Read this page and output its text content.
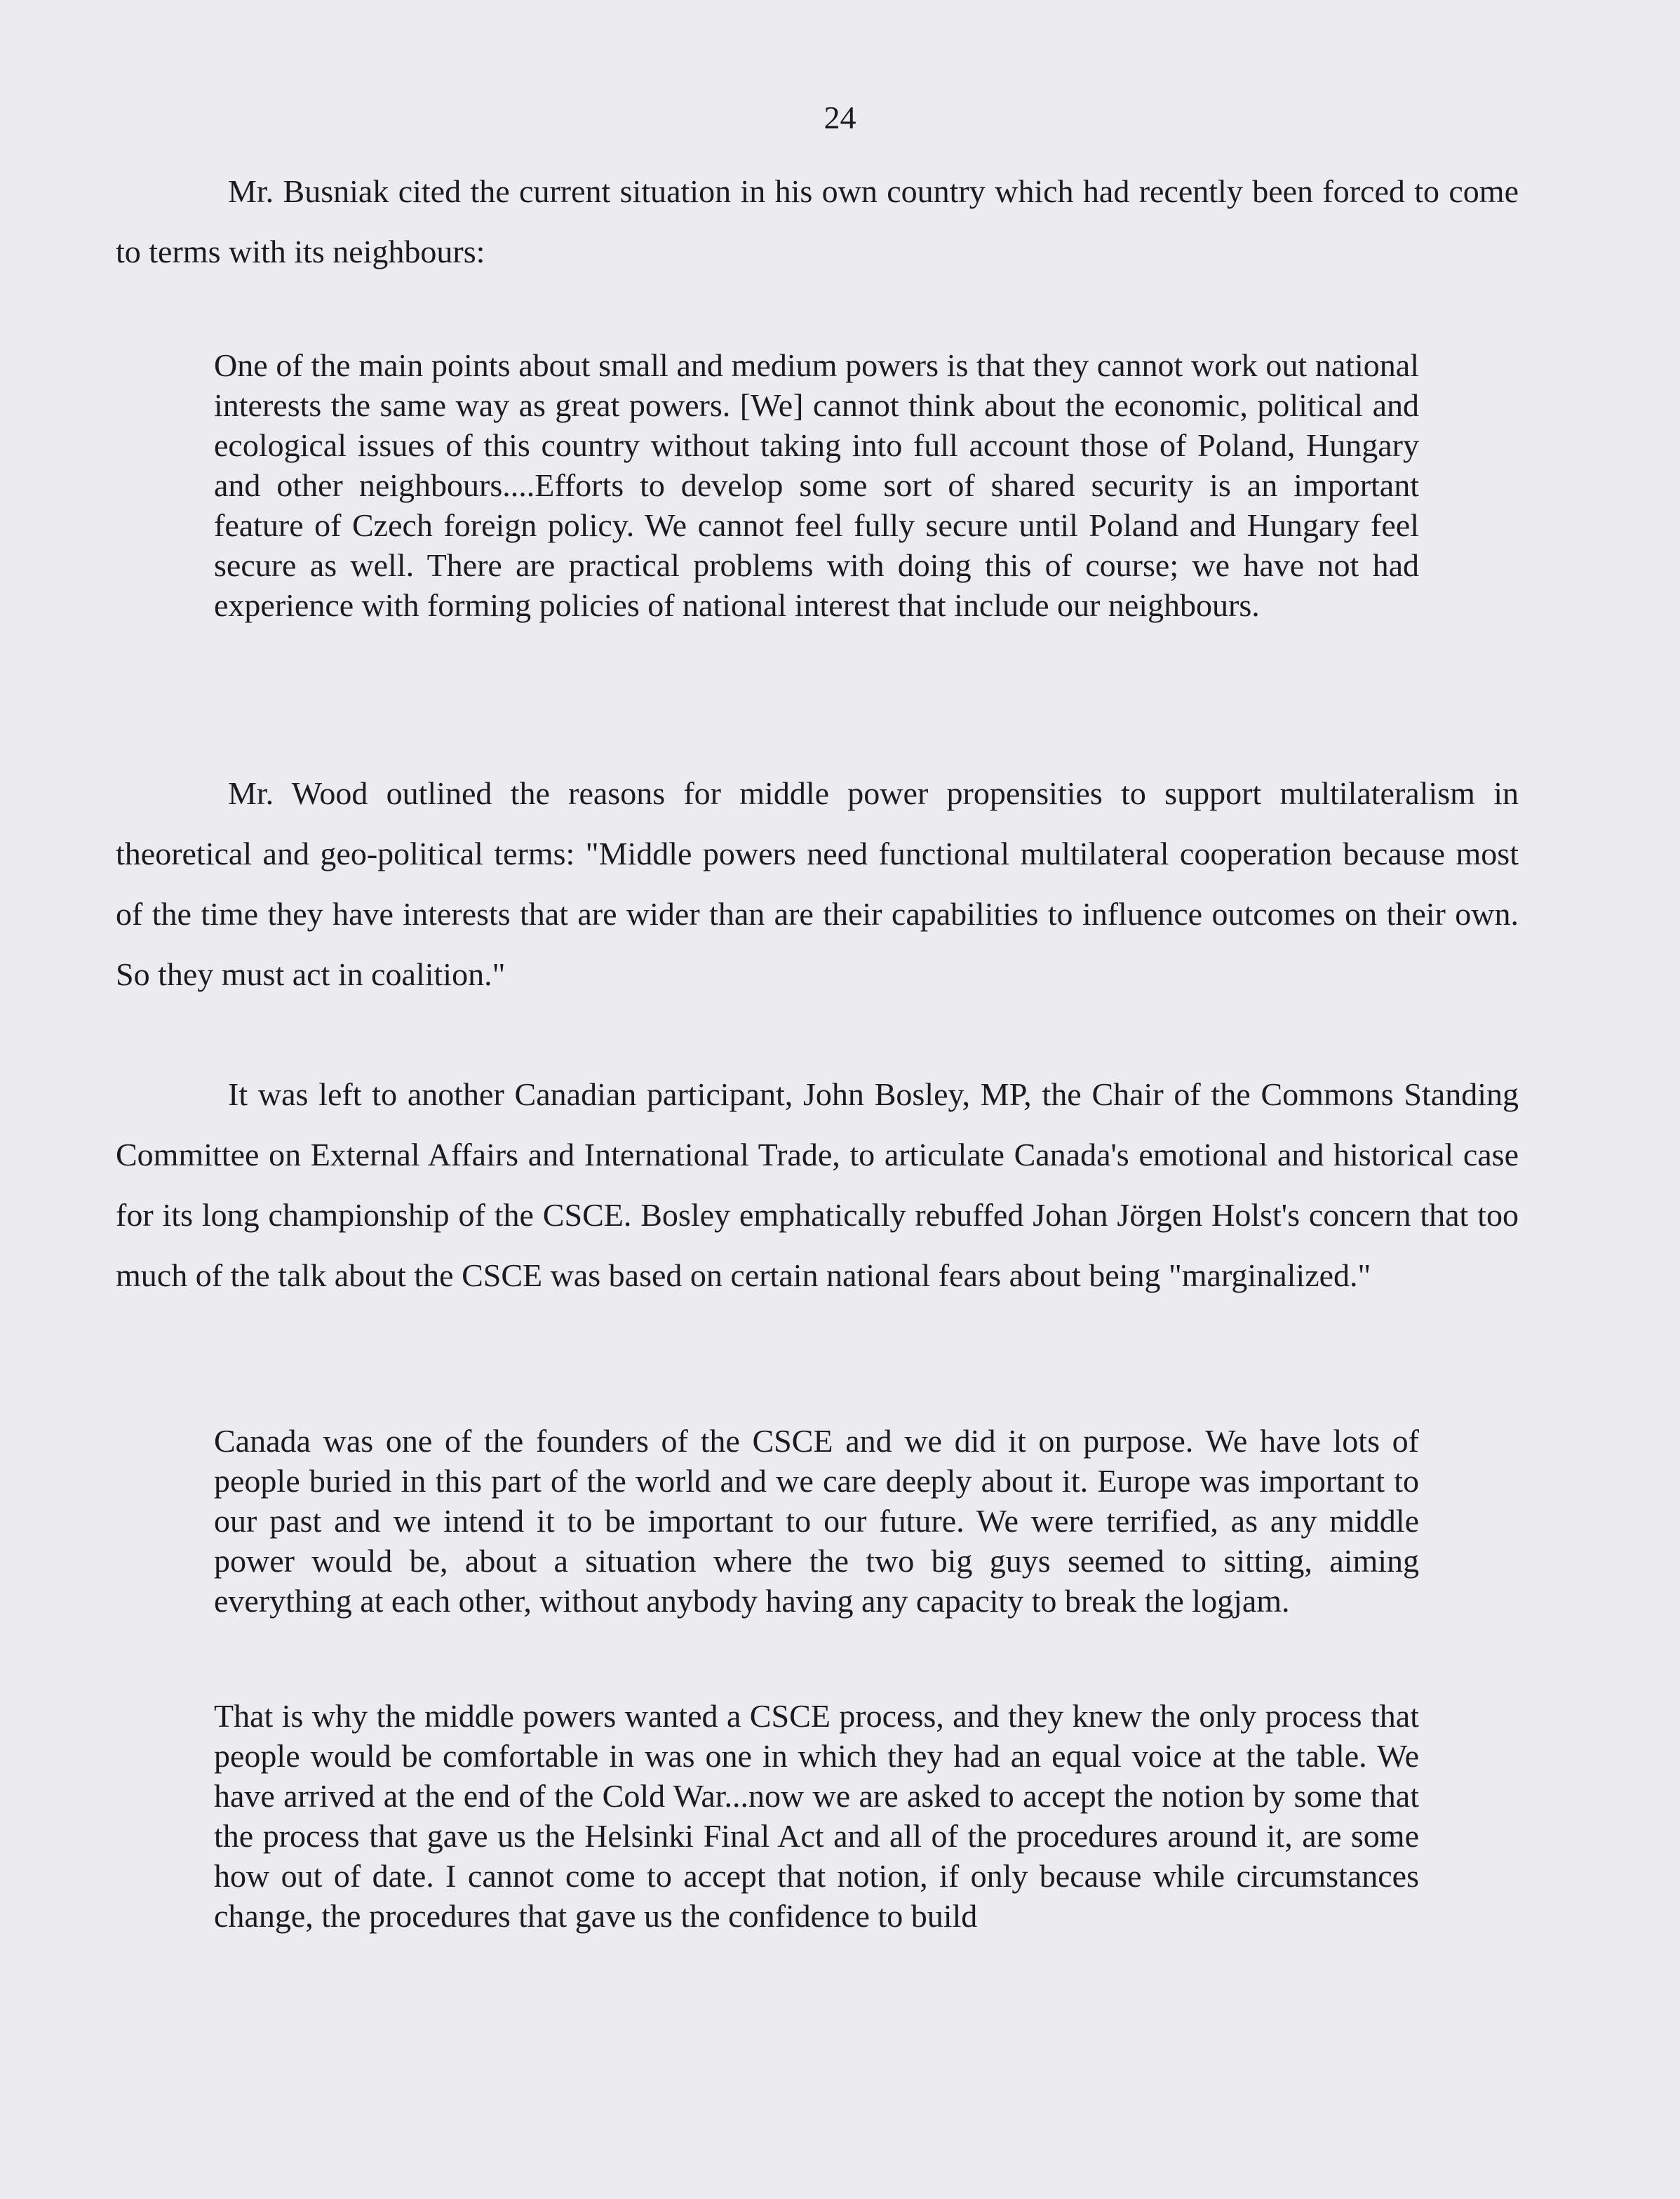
24

Mr. Busniak cited the current situation in his own country which had recently been forced to come to terms with its neighbours:

One of the main points about small and medium powers is that they cannot work out national interests the same way as great powers. [We] cannot think about the economic, political and ecological issues of this country without taking into full account those of Poland, Hungary and other neighbours....Efforts to develop some sort of shared security is an important feature of Czech foreign policy. We cannot feel fully secure until Poland and Hungary feel secure as well. There are practical problems with doing this of course; we have not had experience with forming policies of national interest that include our neighbours.

Mr. Wood outlined the reasons for middle power propensities to support multilateralism in theoretical and geo-political terms: "Middle powers need functional multilateral cooperation because most of the time they have interests that are wider than are their capabilities to influence outcomes on their own. So they must act in coalition."

It was left to another Canadian participant, John Bosley, MP, the Chair of the Commons Standing Committee on External Affairs and International Trade, to articulate Canada's emotional and historical case for its long championship of the CSCE. Bosley emphatically rebuffed Johan Jörgen Holst's concern that too much of the talk about the CSCE was based on certain national fears about being "marginalized."

Canada was one of the founders of the CSCE and we did it on purpose. We have lots of people buried in this part of the world and we care deeply about it. Europe was important to our past and we intend it to be important to our future. We were terrified, as any middle power would be, about a situation where the two big guys seemed to sitting, aiming everything at each other, without anybody having any capacity to break the logjam.

That is why the middle powers wanted a CSCE process, and they knew the only process that people would be comfortable in was one in which they had an equal voice at the table. We have arrived at the end of the Cold War...now we are asked to accept the notion by some that the process that gave us the Helsinki Final Act and all of the procedures around it, are some how out of date. I cannot come to accept that notion, if only because while circumstances change, the procedures that gave us the confidence to build
